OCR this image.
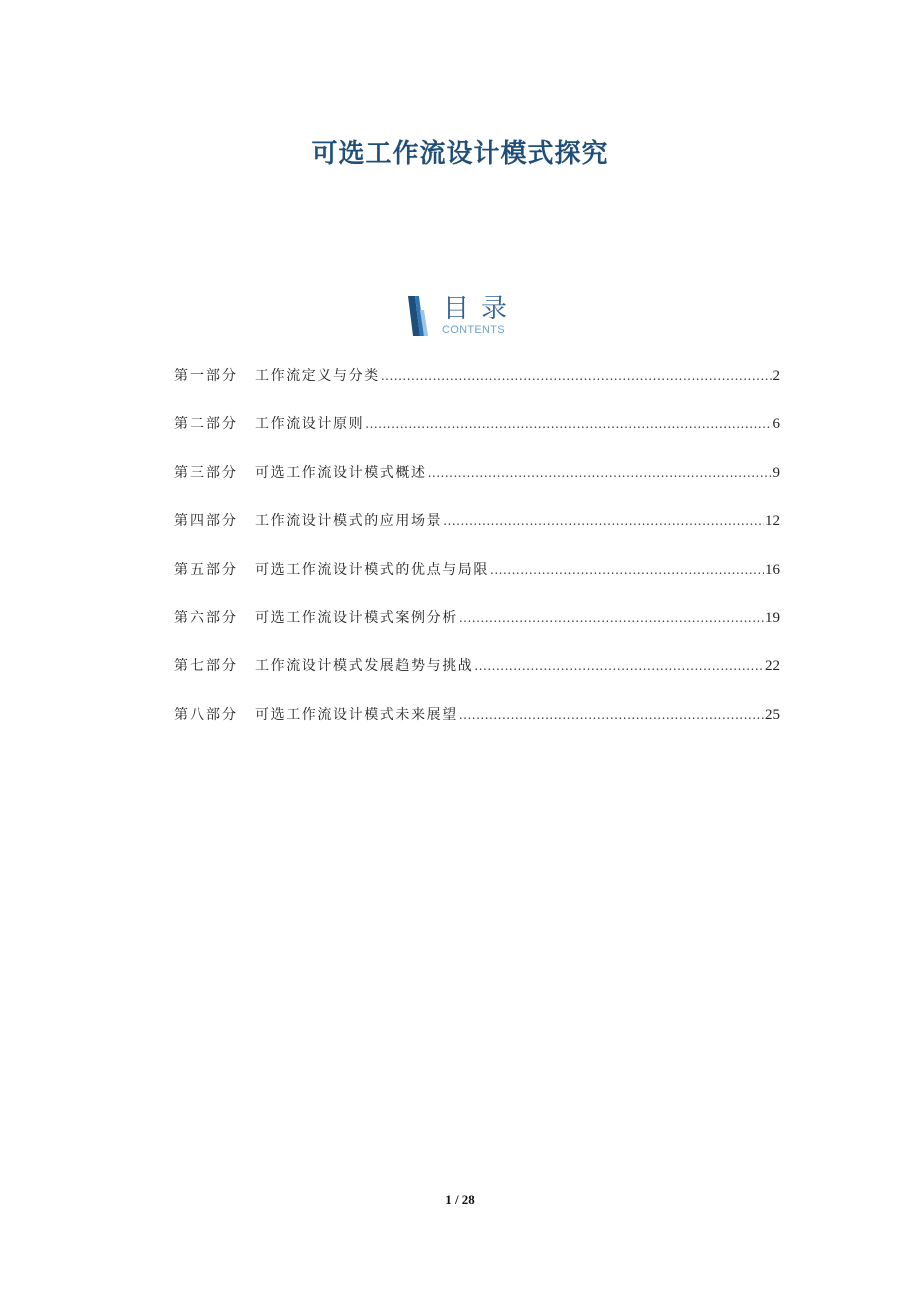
可选工作流设计模式探究
目录
CONTENTS
第一部分	工作流定义与分类 .....	2
第二部分	工作流设计原则 .....	6
第三部分	可选工作流设计模式概述 .....	9
第四部分	工作流设计模式的应用场景 .....	12
第五部分	可选工作流设计模式的优点与局限 .....	16
第六部分	可选工作流设计模式案例分析 .....	19
第七部分	工作流设计模式发展趋势与挑战 .....	22
第八部分	可选工作流设计模式未来展望 .....	25
1 / 28
